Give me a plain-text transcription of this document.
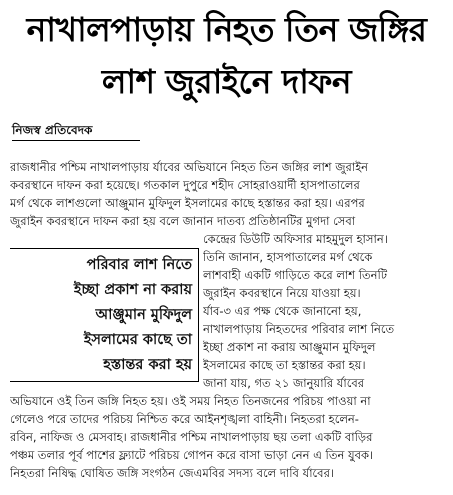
নাখালপাড়ায় নিহত তিন জঙ্গির
লাশ জুরাইনে দাফন
নিজস্ব প্রতিবেদক

রাজধানীর পশ্চিম নাখালপাড়ায় র্যাবের অভিযানে নিহত তিন জঙ্গির লাশ জুরাইন

কবরস্থানে দাফন করা হয়েছে। গতকাল দুপুরে শহীদ সোহরাওয়ার্দী হাসপাতালের

মর্গ থেকে লাশগুলো আঞ্জুমান মুফিদুল ইসলামের কাছে হস্তান্তর করা হয়। এরপর

জুরাইন কবরস্থানে দাফন করা হয় বলে জানান দাতব্য প্রতিষ্ঠানটির মুগদা সেবা

কেন্দ্রের ডিউটি অফিসার মাহমুদুল হাসান।

তিনি জানান, হাসপাতালের মর্গ থেকে

লাশবাহী একটি গাড়িতে করে লাশ তিনটি

জুরাইন কবরস্থানে নিয়ে যাওয়া হয়।

র্যাব-৩ এর পক্ষ থেকে জানানো হয়,

নাখালপাড়ায় নিহতদের পরিবার লাশ নিতে

ইচ্ছা প্রকাশ না করায় আঞ্জুমান মুফিদুল

ইসলামের কাছে তা হস্তান্তর করা হয়।

জানা যায়, গত ২১ জানুয়ারি র্যাবের

পরিবার লাশ নিতে
ইচ্ছা প্রকাশ না করায়
আঞ্জুমান মুফিদুল
ইসলামের কাছে তা
হস্তান্তর করা হয়

অভিযানে ওই তিন জঙ্গি নিহত হয়। ওই সময় নিহত তিনজনের পরিচয় পাওয়া না

গেলেও পরে তাদের পরিচয় নিশ্চিত করে আইনশৃঙ্খলা বাহিনী। নিহতরা হলেন-

রবিন, নাফিজ ও মেসবাহ। রাজধানীর পশ্চিম নাখালপাড়ায় ছয় তলা একটি বাড়ির

পঞ্চম তলার পূর্ব পাশের ফ্ল্যাটে পরিচয় গোপন করে বাসা ভাড়া নেন এ তিন যুবক।

নিহতরা নিষিদ্ধ ঘোষিত জঙ্গি সংগঠন জেএমবির সদস্য বলে দাবি র্যাবের।
